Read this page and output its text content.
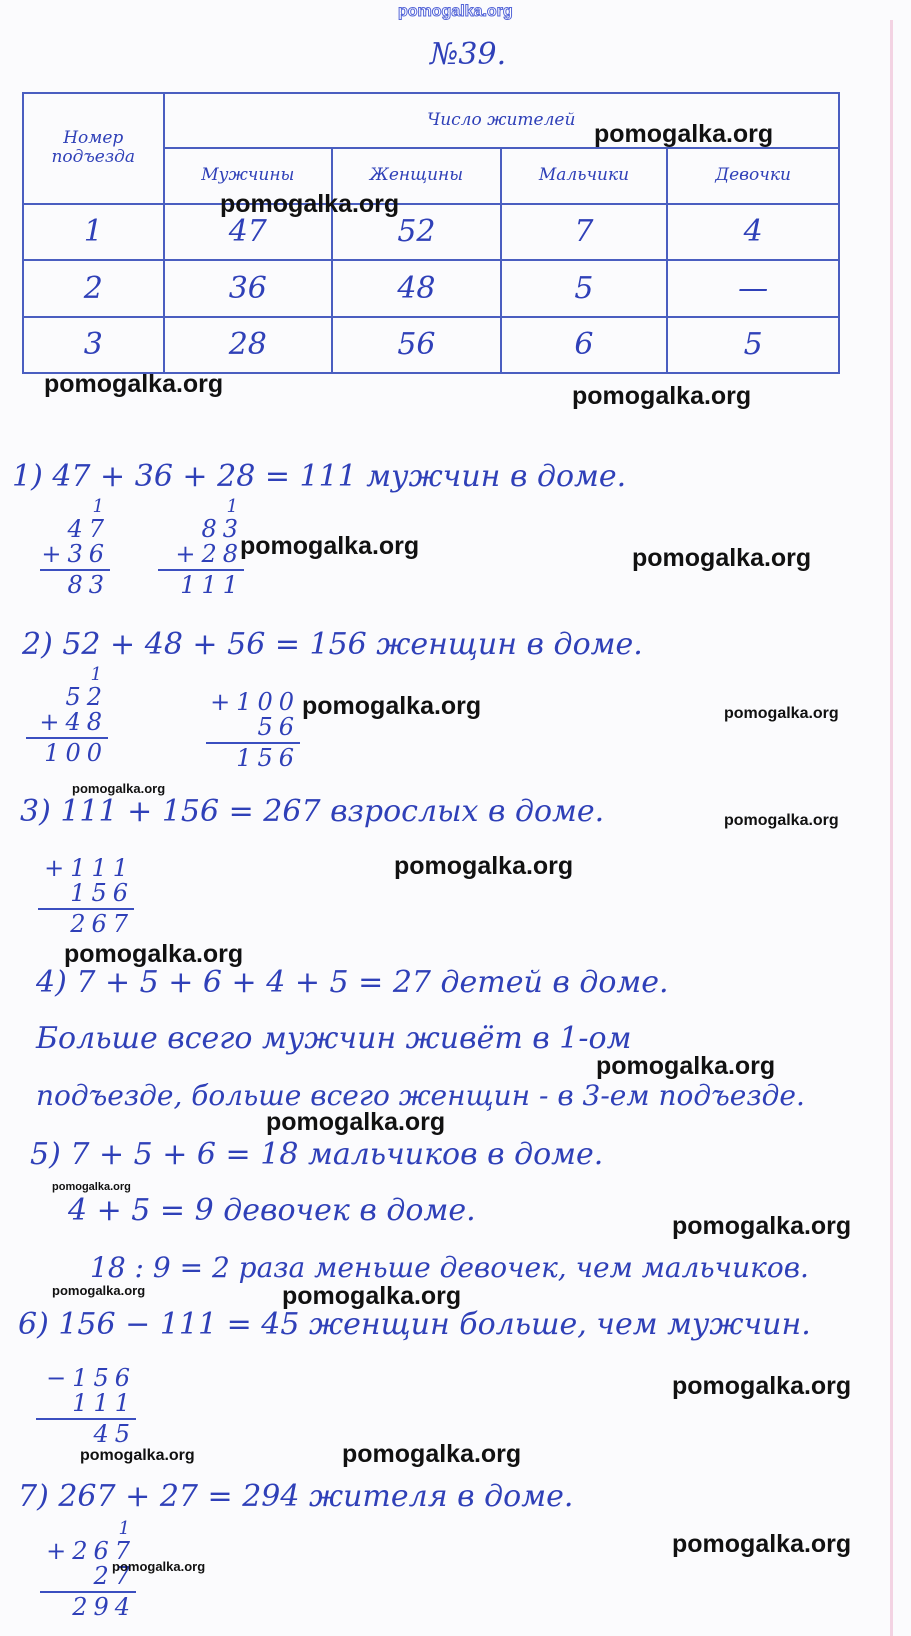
pomogalka.org
№39.
Номер подъезда	Число жителей			
	Мужчины	Женщины	Мальчики	Девочки
1	47	52	7	4
2	36	48	5	—
3	28	56	6	5
1) 47 + 36 + 28 = 111 мужчин в доме.
1
47
+36
83
1
83
+28
111
2) 52 + 48 + 56 = 156 женщин в доме.
1
52
+48
100
+100
56
156
3) 111 + 156 = 267 взрослых в доме.
+111
156
267
4) 7 + 5 + 6 + 4 + 5 = 27 детей в доме.
Больше всего мужчин живёт в 1-ом
подъезде, больше всего женщин - в 3-ем подъезде.
5) 7 + 5 + 6 = 18 мальчиков в доме.
4 + 5 = 9 девочек в доме.
18 : 9 = 2 раза меньше девочек, чем мальчиков.
6) 156 − 111 = 45 женщин больше, чем мужчин.
−156
111
45
7) 267 + 27 = 294 жителя в доме.
1
+267
27
294
pomogalka.org
pomogalka.org
pomogalka.org	pomogalka.org
pomogalka.org	pomogalka.org
pomogalka.org	pomogalka.org
pomogalka.org
pomogalka.org
pomogalka.org
pomogalka.org
pomogalka.org
pomogalka.org
pomogalka.org
pomogalka.org
pomogalka.org	pomogalka.org
pomogalka.org
pomogalka.org	pomogalka.org
pomogalka.org
pomogalka.org
